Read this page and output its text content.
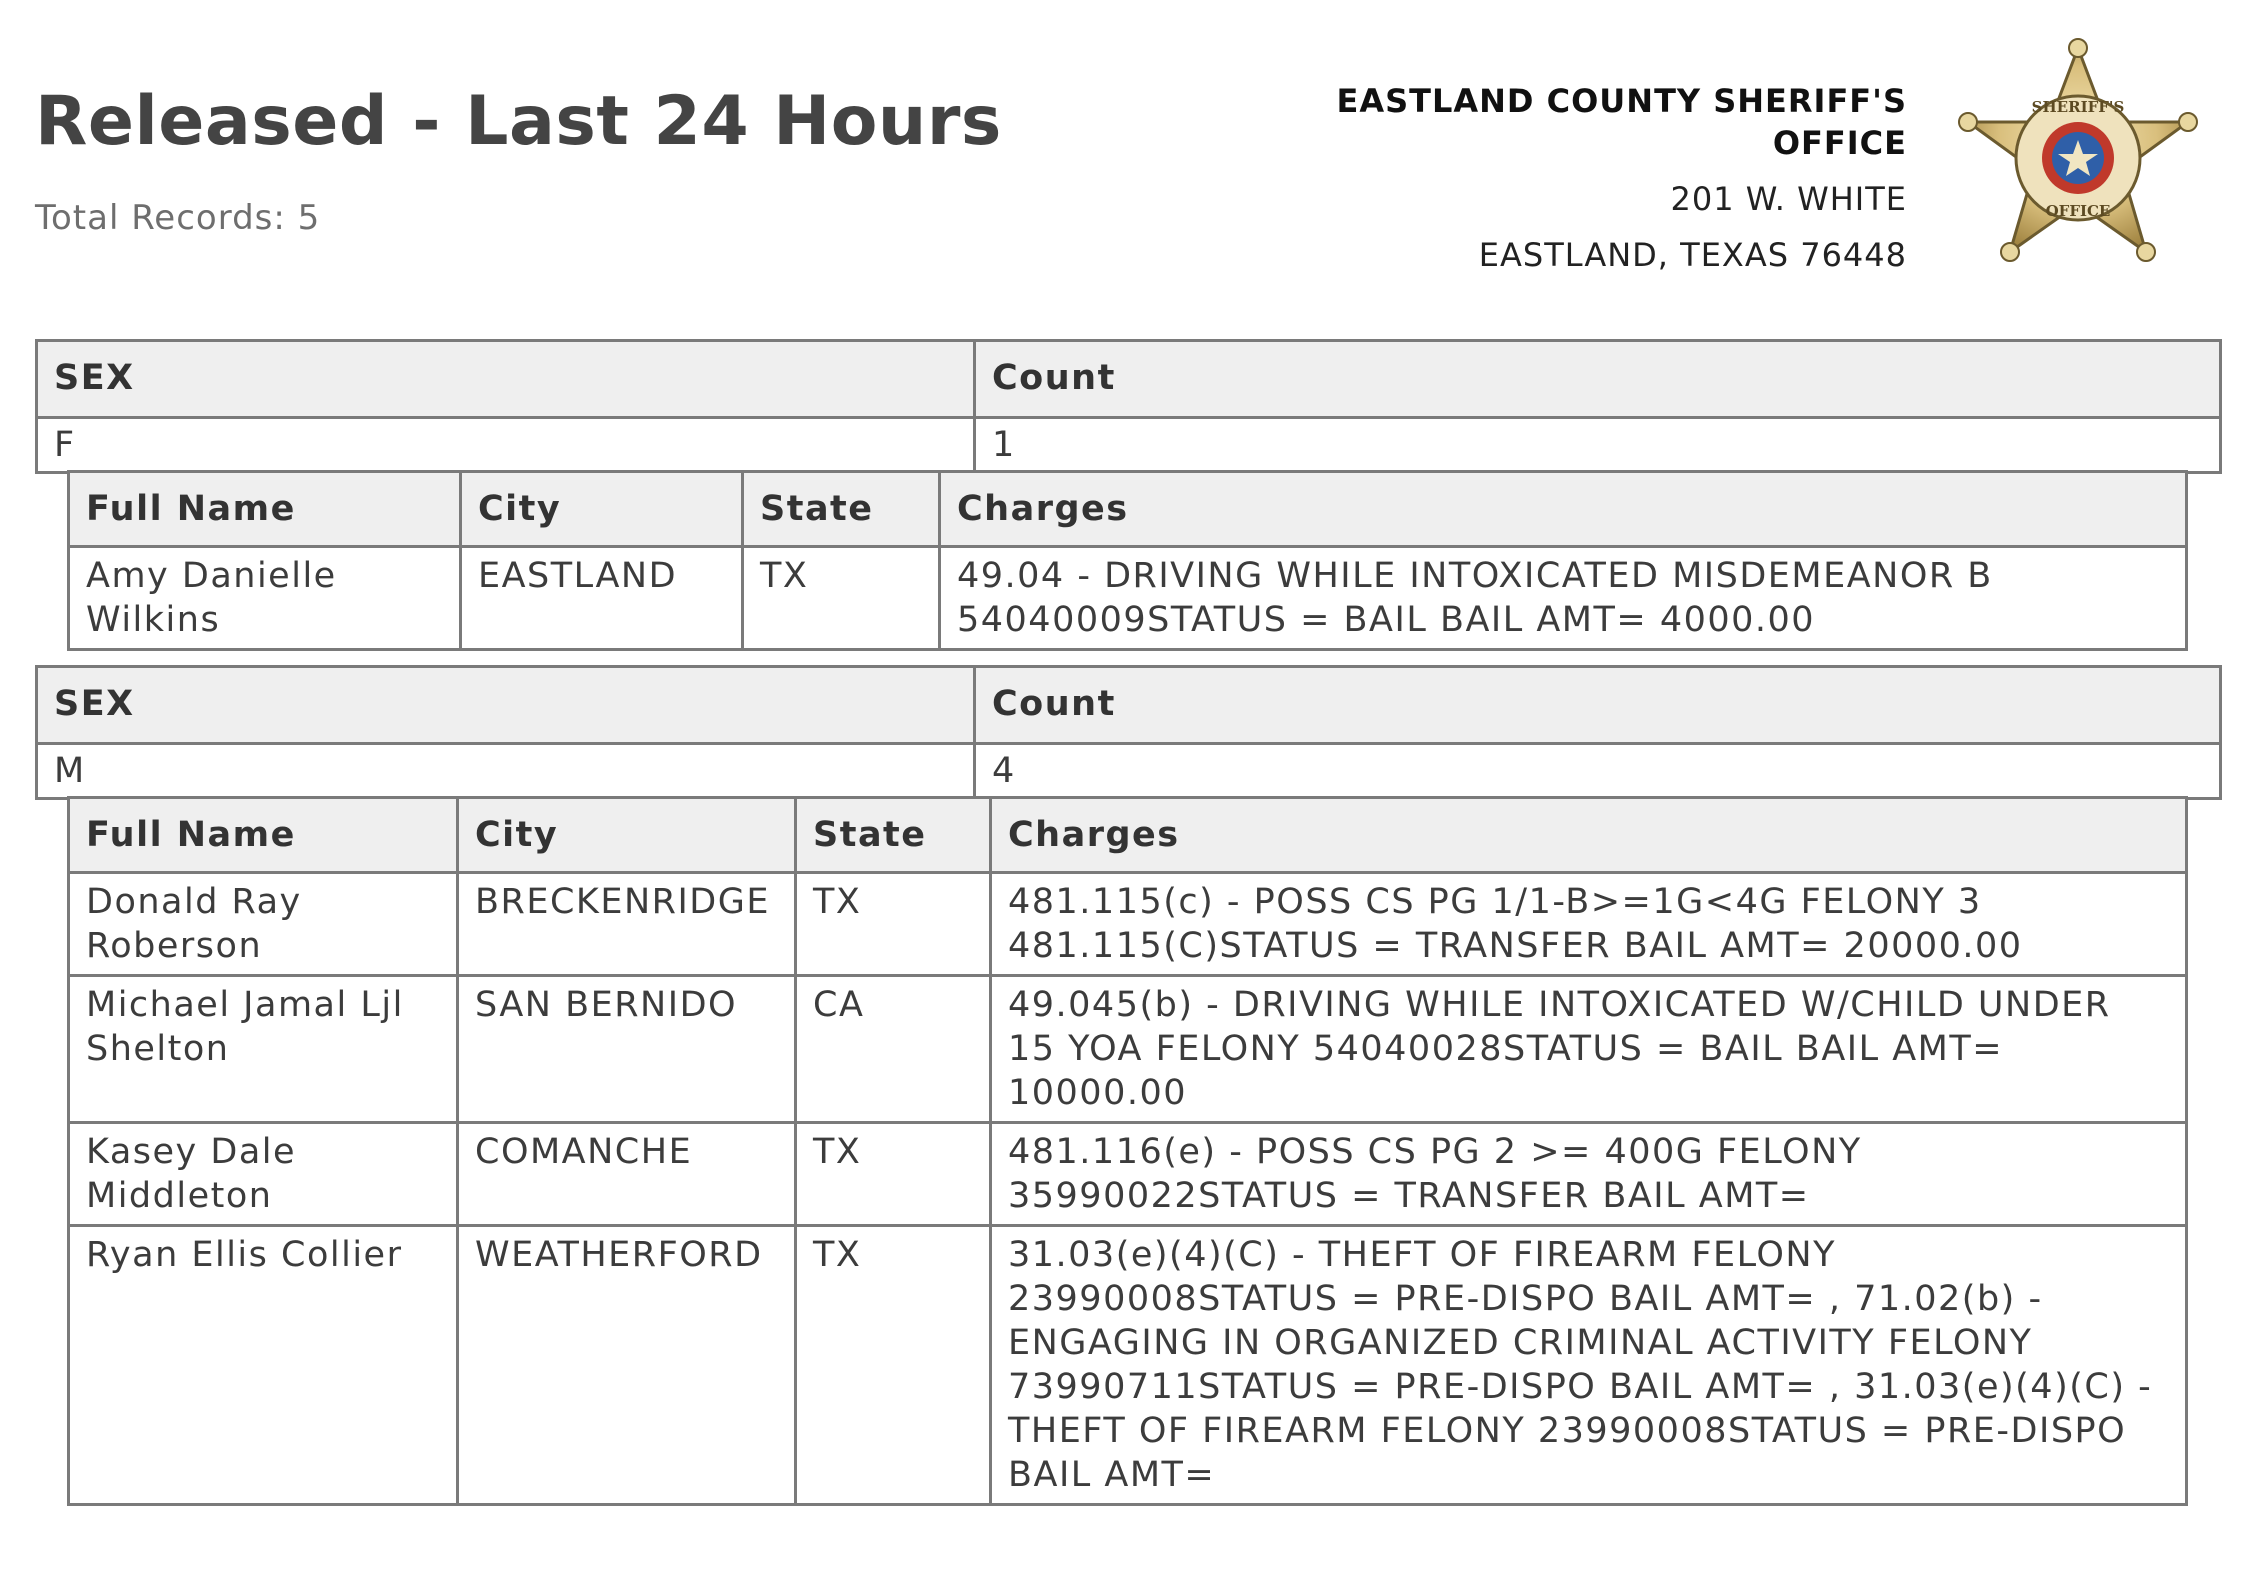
Released - Last 24 Hours
Total Records: 5
EASTLAND COUNTY SHERIFF'S OFFICE
201 W. WHITE
EASTLAND, TEXAS 76448
SHERIFF'S
OFFICE
SEX	Count
F	1
Full Name	City	State	Charges
Amy Danielle Wilkins	EASTLAND	TX	49.04 - DRIVING WHILE INTOXICATED MISDEMEANOR B 54040009STATUS = BAIL BAIL AMT= 4000.00
SEX	Count
M	4
Full Name	City	State	Charges
Donald Ray Roberson	BRECKENRIDGE	TX	481.115(c) - POSS CS PG 1/1-B>=1G<4G FELONY 3 481.115(C)STATUS = TRANSFER BAIL AMT= 20000.00
Michael Jamal Ljl Shelton	SAN BERNIDO	CA	49.045(b) - DRIVING WHILE INTOXICATED W/CHILD UNDER 15 YOA FELONY 54040028STATUS = BAIL BAIL AMT= 10000.00
Kasey Dale Middleton	COMANCHE	TX	481.116(e) - POSS CS PG 2 >= 400G FELONY 35990022STATUS = TRANSFER BAIL AMT=
Ryan Ellis Collier	WEATHERFORD	TX	31.03(e)(4)(C) - THEFT OF FIREARM FELONY 23990008STATUS = PRE-DISPO BAIL AMT= , 71.02(b) - ENGAGING IN ORGANIZED CRIMINAL ACTIVITY FELONY 73990711STATUS = PRE-DISPO BAIL AMT= , 31.03(e)(4)(C) - THEFT OF FIREARM FELONY 23990008STATUS = PRE-DISPO BAIL AMT=
